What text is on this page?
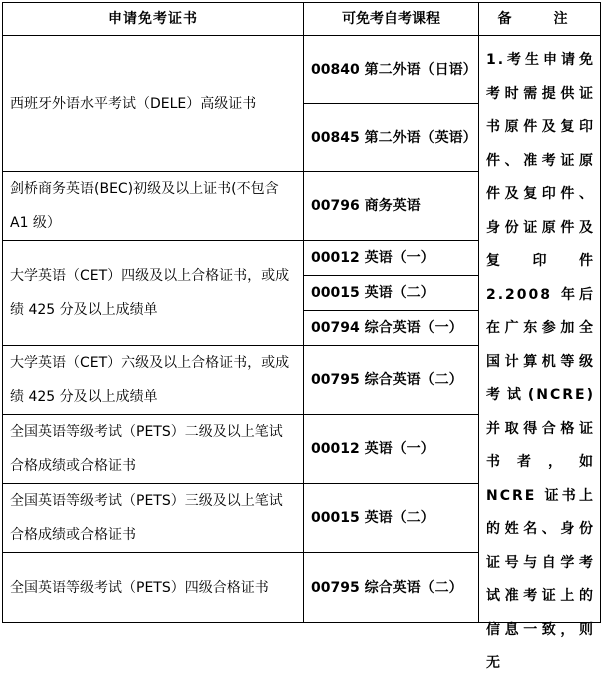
申请免考证书	可免考自考课程	备　注
西班牙外语水平考试（DELE）高级证书	00840 第二外语（日语）	1.考生申请免考时需提供证书原件及复印件、准考证原件及复印件、身份证原件及复印件 2.2008 年后在广东参加全国计算机等级考试(NCRE)并取得合格证书者，如 NCRE 证书上的姓名、身份证号与自学考试准考证上的信息一致，则无

	00845 第二外语（英语）	
剑桥商务英语(BEC)初级及以上证书(不包含 A1 级）	00796 商务英语	
大学英语（CET）四级及以上合格证书，或成绩 425 分及以上成绩单	00012 英语（一）	
	00015 英语（二）	
	00794 综合英语（一）	
大学英语（CET）六级及以上合格证书，或成绩 425 分及以上成绩单	00795 综合英语（二）	
全国英语等级考试（PETS）二级及以上笔试合格成绩或合格证书	00012 英语（一）	
全国英语等级考试（PETS）三级及以上笔试合格成绩或合格证书	00015 英语（二）	
全国英语等级考试（PETS）四级合格证书	00795 综合英语（二）	
